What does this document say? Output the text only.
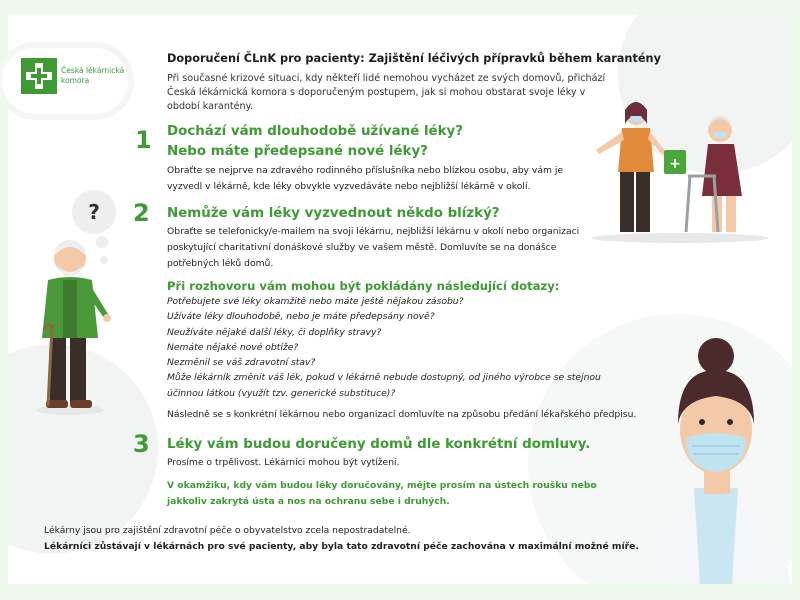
Česká lékárnická komora
Doporučení ČLnK pro pacienty: Zajištění léčivých přípravků během karantény
Při současné krizové situaci, kdy někteří lidé nemohou vycházet ze svých domovů, přichází Česká lékárnická komora s doporučeným postupem, jak si mohou obstarat svoje léky v období karantény.
1 Dochází vám dlouhodobě užívané léky?
Nebo máte předepsané nové léky?
Obraťte se nejprve na zdravého rodinného příslušníka nebo blízkou osobu, aby vám je vyzvedl v lékárně, kde léky obvykle vyzvedáváte nebo nejbližší lékárně v okolí.
2 Nemůže vám léky vyzvednout někdo blízký?
Obraťte se telefonicky/e-mailem na svoji lékárnu, nejbližší lékárnu v okolí nebo organizaci poskytující charitativní donáškové služby ve vašem městě. Domluvíte se na donášce potřebných léků domů.
Při rozhovoru vám mohou být pokládány následující dotazy:
Potřebujete své léky okamžitě nebo máte ještě nějakou zásobu?
Užíváte léky dlouhodobě, nebo je máte předepsány nově?
Neužíváte nějaké další léky, či doplňky stravy?
Nemáte nějaké nové obtíže?
Nezměnil se váš zdravotní stav?
Může lékárník změnit váš lék, pokud v lékárně nebude dostupný, od jiného výrobce se stejnou
účinnou látkou (využít tzv. generické substituce)?
Následně se s konkrétní lékárnou nebo organizací domluvíte na způsobu předání lékařského předpisu.
3 Léky vám budou doručeny domů dle konkrétní domluvy.
Prosíme o trpělivost. Lékárníci mohou být vytíženi.
V okamžiku, kdy vám budou léky doručovány, mějte prosím na ústech roušku nebo jakkoliv zakrytá ústa a nos na ochranu sebe i druhých.
Lékárny jsou pro zajištění zdravotní péče o obyvatelstvo zcela nepostradatelné.
Lékárníci zůstávají v lékárnách pro své pacienty, aby byla tato zdravotní péče zachována v maximální možné míře.
?
+
